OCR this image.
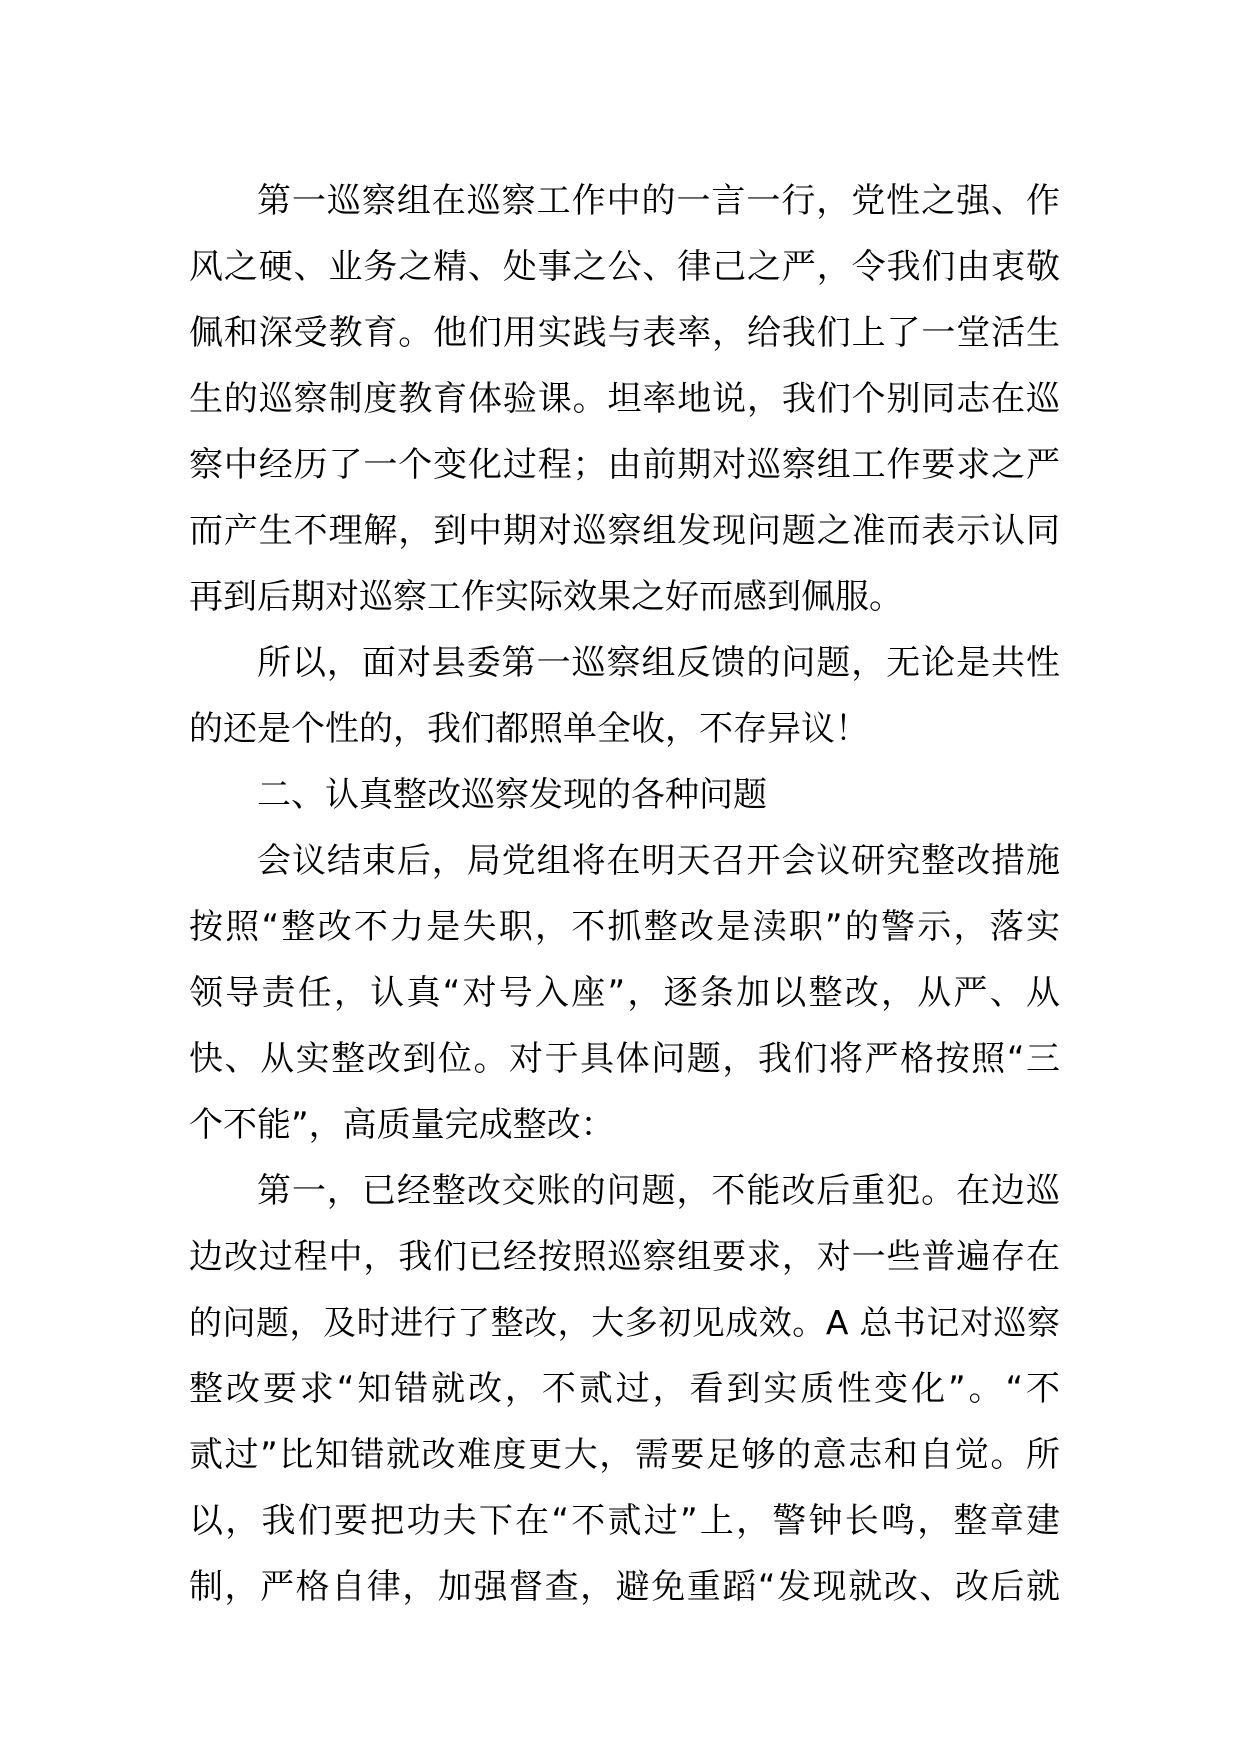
第一巡察组在巡察工作中的一言一行，党性之强、作
风之硬、业务之精、处事之公、律己之严，令我们由衷敬
佩和深受教育。他们用实践与表率，给我们上了一堂活生
生的巡察制度教育体验课。坦率地说，我们个别同志在巡
察中经历了一个变化过程；由前期对巡察组工作要求之严
而产生不理解，到中期对巡察组发现问题之准而表示认同
再到后期对巡察工作实际效果之好而感到佩服。
所以，面对县委第一巡察组反馈的问题，无论是共性
的还是个性的，我们都照单全收，不存异议！
二、认真整改巡察发现的各种问题
会议结束后，局党组将在明天召开会议研究整改措施
按照“整改不力是失职，不抓整改是渎职”的警示，落实
领导责任，认真“对号入座”，逐条加以整改，从严、从
快、从实整改到位。对于具体问题，我们将严格按照“三
个不能”，高质量完成整改：
第一，已经整改交账的问题，不能改后重犯。在边巡
边改过程中，我们已经按照巡察组要求，对一些普遍存在
的问题，及时进行了整改，大多初见成效。A 总书记对巡察
整改要求“知错就改，不贰过，看到实质性变化”。“不
贰过”比知错就改难度更大，需要足够的意志和自觉。所
以，我们要把功夫下在“不贰过”上，警钟长鸣，整章建
制，严格自律，加强督查，避免重蹈“发现就改、改后就
